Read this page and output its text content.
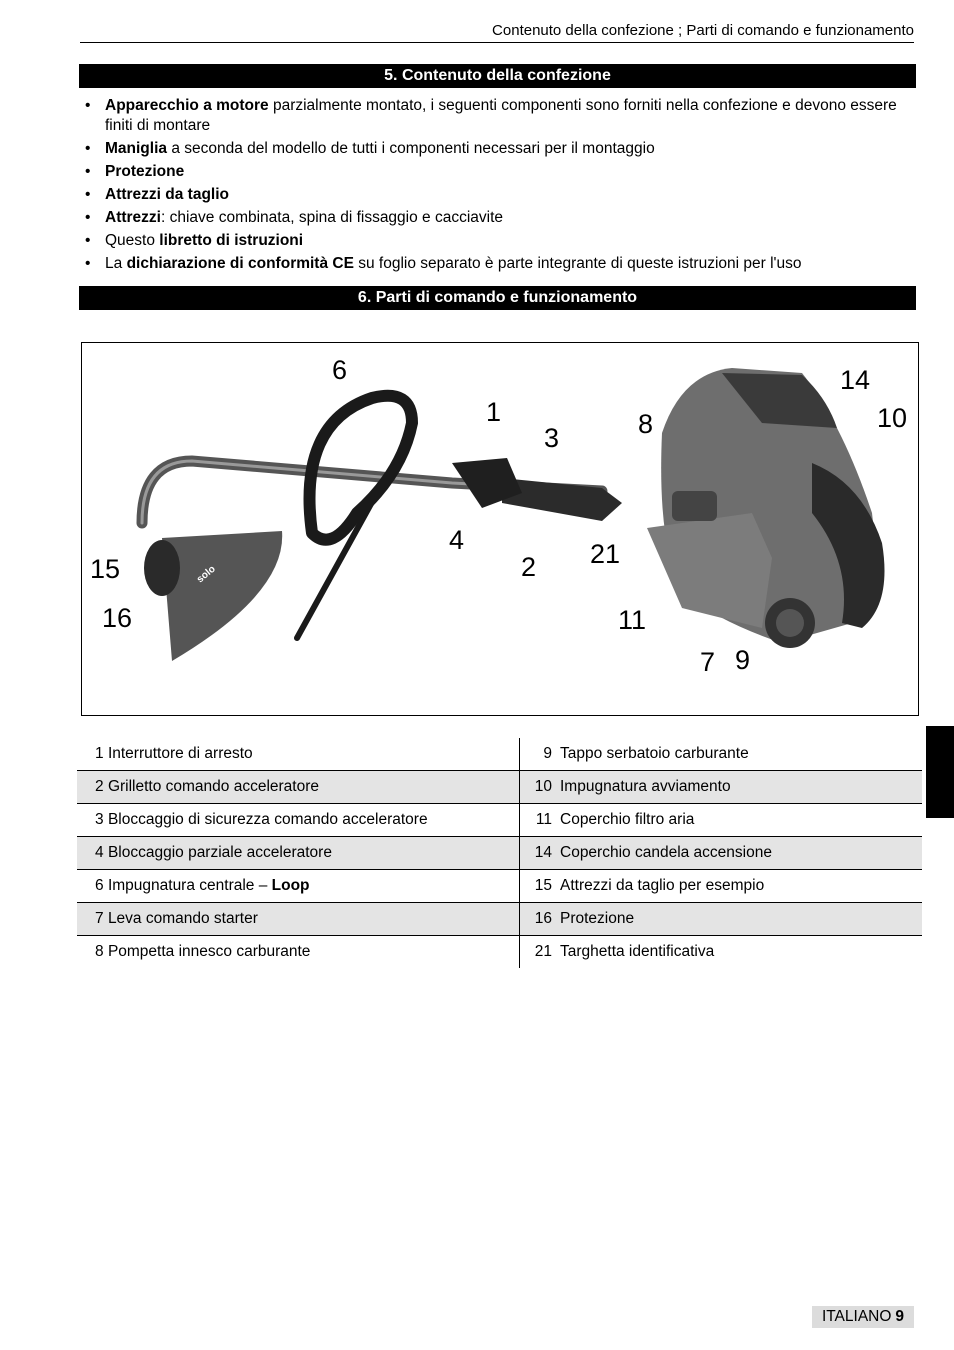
Contenuto della confezione ; Parti di comando e funzionamento
5. Contenuto della confezione
• Apparecchio a motore parzialmente montato, i seguenti componenti sono forniti nella confezione e devono essere finiti di montare
• Maniglia a seconda del modello de tutti i componenti necessari per il montaggio
• Protezione
• Attrezzi da taglio
• Attrezzi: chiave combinata, spina di fissaggio e cacciavite
• Questo libretto di istruzioni
• La dichiarazione di conformità CE su foglio separato è parte integrante di queste istruzioni per l'uso
6. Parti di comando e funzionamento
solo
6
1
3	8
14
10
4
2 21
15
16	11
7 9
1 Interruttore di arresto	9 Tappo serbatoio carburante
2 Grilletto comando acceleratore	10 Impugnatura avviamento
3 Bloccaggio di sicurezza comando acceleratore	11 Coperchio filtro aria
4 Bloccaggio parziale acceleratore	14 Coperchio candela accensione
6 Impugnatura centrale – Loop	15 Attrezzi da taglio per esempio
7 Leva comando starter	16 Protezione
8 Pompetta innesco carburante	21 Targhetta identificativa
ITALIANO 9
